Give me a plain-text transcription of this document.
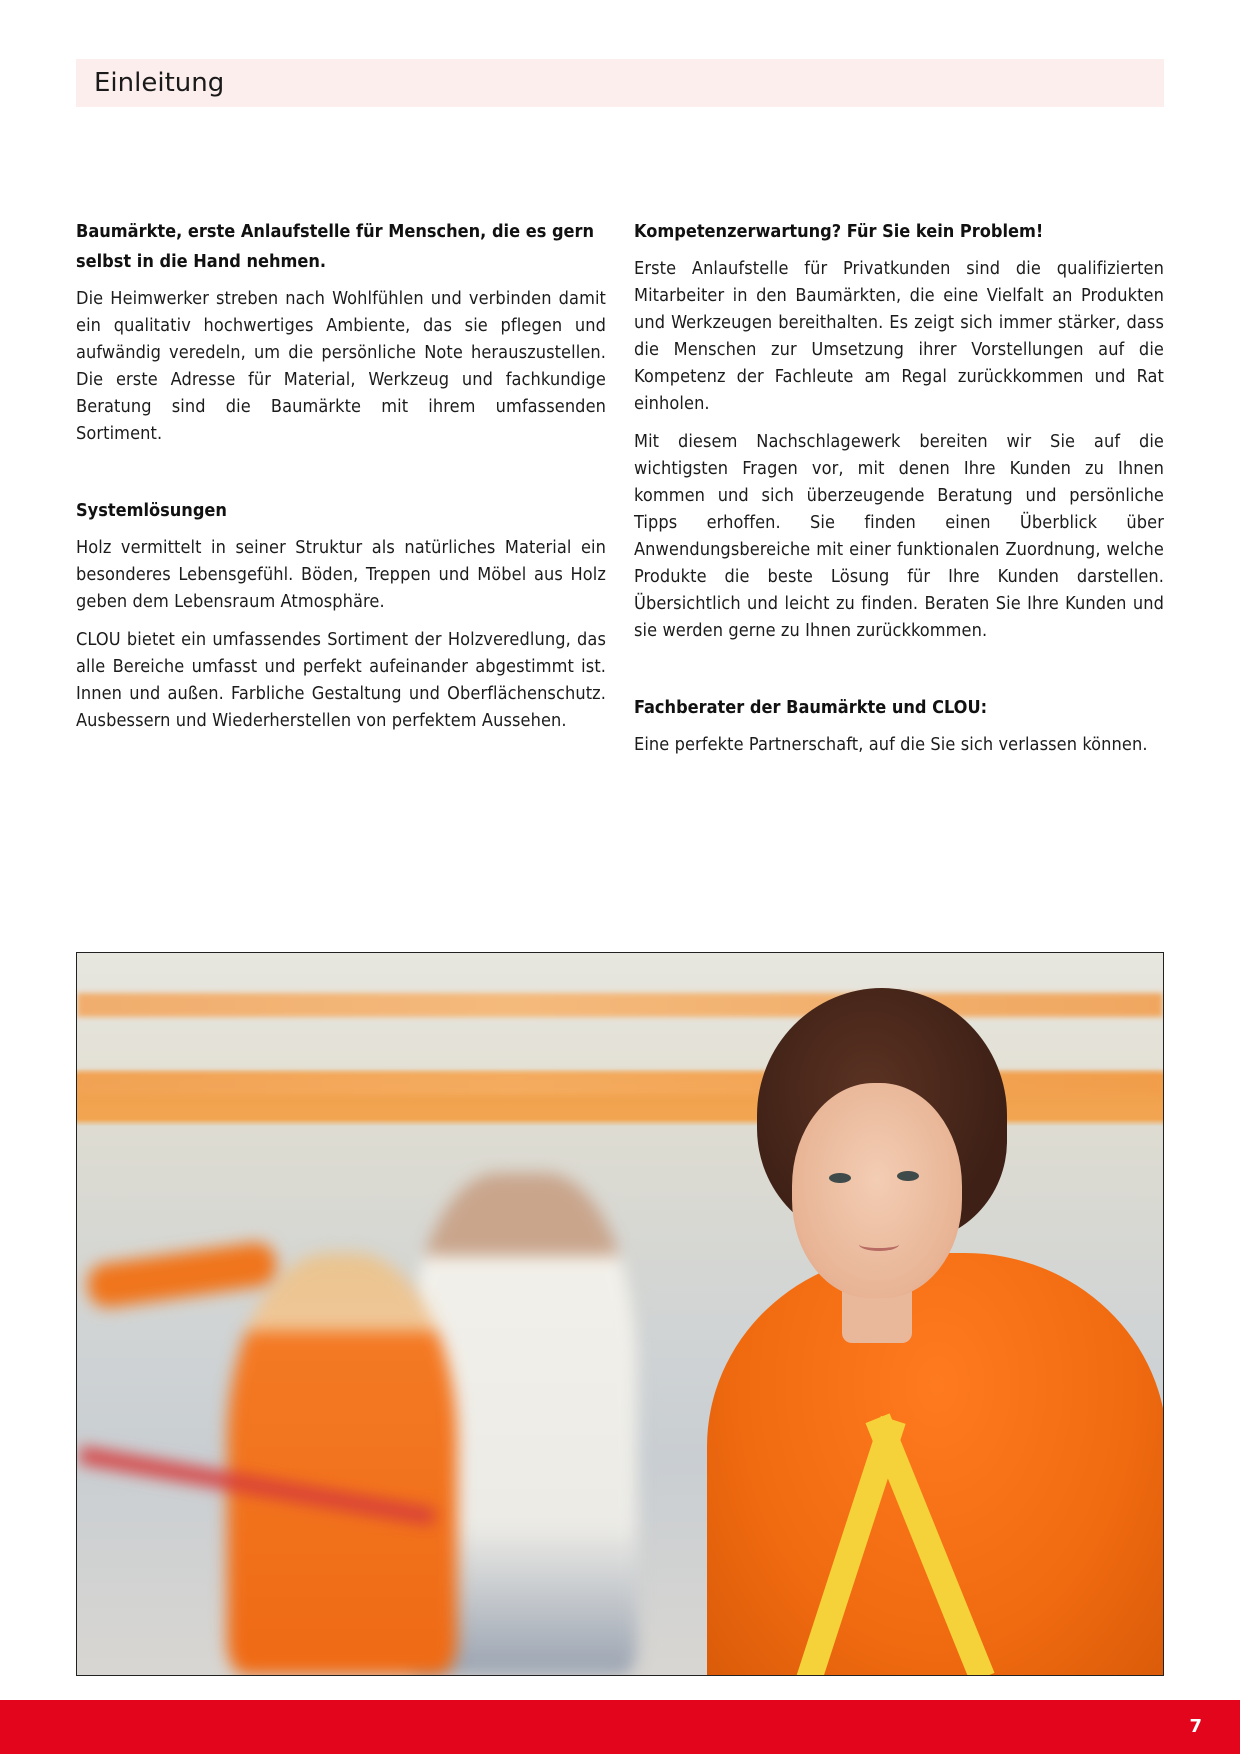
Einleitung

Baumärkte, erste Anlaufstelle für Menschen, die es gern selbst in die Hand nehmen.

Die Heimwerker streben nach Wohlfühlen und verbinden damit ein qualitativ hochwertiges Ambiente, das sie pflegen und aufwändig veredeln, um die persönliche Note herauszustellen. Die erste Adresse für Material, Werkzeug und fachkundige Beratung sind die Baumärkte mit ihrem umfassenden Sortiment.

Systemlösungen

Holz vermittelt in seiner Struktur als natürliches Material ein besonderes Lebensgefühl. Böden, Treppen und Möbel aus Holz geben dem Lebensraum Atmosphäre.

CLOU bietet ein umfassendes Sortiment der Holzveredlung, das alle Bereiche umfasst und perfekt aufeinander abgestimmt ist. Innen und außen. Farbliche Gestaltung und Oberflächenschutz. Ausbessern und Wiederherstellen von perfektem Aussehen.

Kompetenzerwartung? Für Sie kein Problem!

Erste Anlaufstelle für Privatkunden sind die qualifizierten Mitarbeiter in den Baumärkten, die eine Vielfalt an Produkten und Werkzeugen bereithalten. Es zeigt sich immer stärker, dass die Menschen zur Umsetzung ihrer Vorstellungen auf die Kompetenz der Fachleute am Regal zurückkommen und Rat einholen.

Mit diesem Nachschlagewerk bereiten wir Sie auf die wichtigsten Fragen vor, mit denen Ihre Kunden zu Ihnen kommen und sich überzeugende Beratung und persönliche Tipps erhoffen. Sie finden einen Überblick über Anwendungsbereiche mit einer funktionalen Zuordnung, welche Produkte die beste Lösung für Ihre Kunden darstellen. Übersichtlich und leicht zu finden. Beraten Sie Ihre Kunden und sie werden gerne zu Ihnen zurückkommen.

Fachberater der Baumärkte und CLOU:

Eine perfekte Partnerschaft, auf die Sie sich verlassen können.

7
